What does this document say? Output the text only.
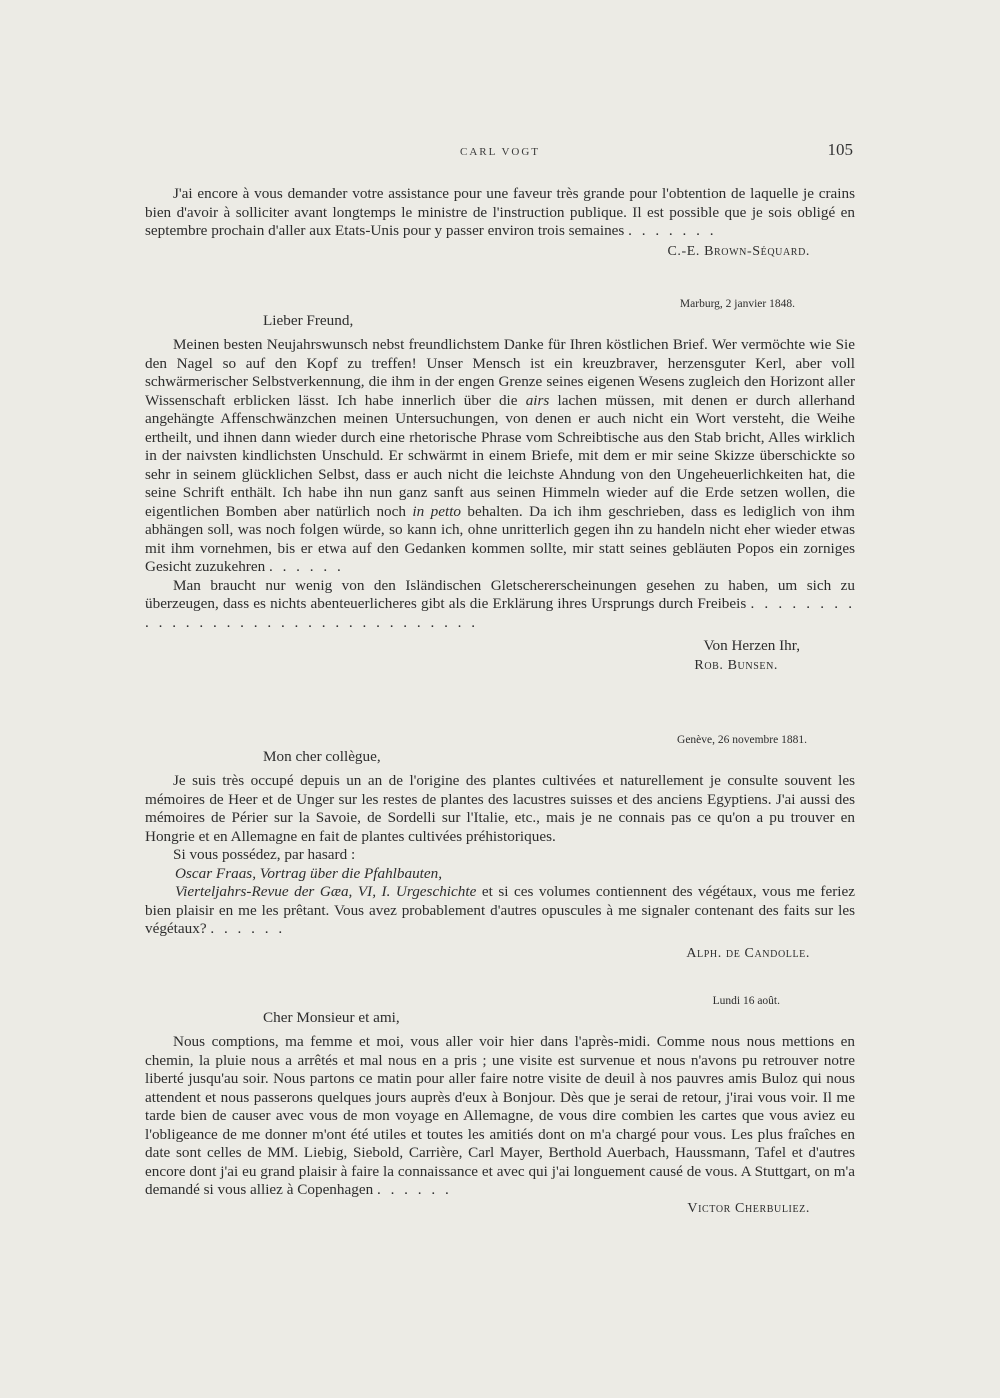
CARL VOGT	105

J'ai encore à vous demander votre assistance pour une faveur très grande pour l'obtention de laquelle je crains bien d'avoir à solliciter avant longtemps le ministre de l'instruction publique. Il est possible que je sois obligé en septembre prochain d'aller aux Etats-Unis pour y passer environ trois semaines . . . . . . .

C.-E. Brown-Séquard.
Marburg, 2 janvier 1848.

Lieber Freund,

Meinen besten Neujahrswunsch nebst freundlichstem Danke für Ihren köstlichen Brief. Wer vermöchte wie Sie den Nagel so auf den Kopf zu treffen! Unser Mensch ist ein kreuzbraver, herzensguter Kerl, aber voll schwärmerischer Selbstverkennung, die ihm in der engen Grenze seines eigenen Wesens zugleich den Horizont aller Wissenschaft erblicken lässt. Ich habe innerlich über die airs lachen müssen, mit denen er durch allerhand angehängte Affenschwänzchen meinen Untersuchungen, von denen er auch nicht ein Wort versteht, die Weihe ertheilt, und ihnen dann wieder durch eine rhetorische Phrase vom Schreibtische aus den Stab bricht, Alles wirklich in der naivsten kindlichsten Unschuld. Er schwärmt in einem Briefe, mit dem er mir seine Skizze überschickte so sehr in seinem glücklichen Selbst, dass er auch nicht die leichste Ahndung von den Ungeheuerlichkeiten hat, die seine Schrift enthält. Ich habe ihn nun ganz sanft aus seinen Himmeln wieder auf die Erde setzen wollen, die eigentlichen Bomben aber natürlich noch in petto behalten. Da ich ihm geschrieben, dass es lediglich von ihm abhängen soll, was noch folgen würde, so kann ich, ohne unritterlich gegen ihn zu handeln nicht eher wieder etwas mit ihm vornehmen, bis er etwa auf den Gedanken kommen sollte, mir statt seines gebläuten Popos ein zorniges Gesicht zuzukehren . . . . . .

Man braucht nur wenig von den Isländischen Gletschererscheinungen gesehen zu haben, um sich zu überzeugen, dass es nichts abenteuerlicheres gibt als die Erklärung ihres Ursprungs durch Freibeis . . . . . . . . . . . . . . . . . . . . . . . . . . . . . . . . .

Von Herzen Ihr,
Rob. Bunsen.
Genève, 26 novembre 1881.

Mon cher collègue,

Je suis très occupé depuis un an de l'origine des plantes cultivées et naturellement je consulte souvent les mémoires de Heer et de Unger sur les restes de plantes des lacustres suisses et des anciens Egyptiens. J'ai aussi des mémoires de Périer sur la Savoie, de Sordelli sur l'Italie, etc., mais je ne connais pas ce qu'on a pu trouver en Hongrie et en Allemagne en fait de plantes cultivées préhistoriques.

Si vous possédez, par hasard :

Oscar Fraas, Vortrag über die Pfahlbauten,

Vierteljahrs-Revue der Gæa, VI, I. Urgeschichte et si ces volumes contiennent des végétaux, vous me feriez bien plaisir en me les prêtant. Vous avez probablement d'autres opuscules à me signaler contenant des faits sur les végétaux? . . . . . .

Alph. de Candolle.
Lundi 16 août.

Cher Monsieur et ami,

Nous comptions, ma femme et moi, vous aller voir hier dans l'après-midi. Comme nous nous mettions en chemin, la pluie nous a arrêtés et mal nous en a pris ; une visite est survenue et nous n'avons pu retrouver notre liberté jusqu'au soir. Nous partons ce matin pour aller faire notre visite de deuil à nos pauvres amis Buloz qui nous attendent et nous passerons quelques jours auprès d'eux à Bonjour. Dès que je serai de retour, j'irai vous voir. Il me tarde bien de causer avec vous de mon voyage en Allemagne, de vous dire combien les cartes que vous aviez eu l'obligeance de me donner m'ont été utiles et toutes les amitiés dont on m'a chargé pour vous. Les plus fraîches en date sont celles de MM. Liebig, Siebold, Carrière, Carl Mayer, Berthold Auerbach, Haussmann, Tafel et d'autres encore dont j'ai eu grand plaisir à faire la connaissance et avec qui j'ai longuement causé de vous. A Stuttgart, on m'a demandé si vous alliez à Copenhagen . . . . . .

Victor Cherbuliez.
